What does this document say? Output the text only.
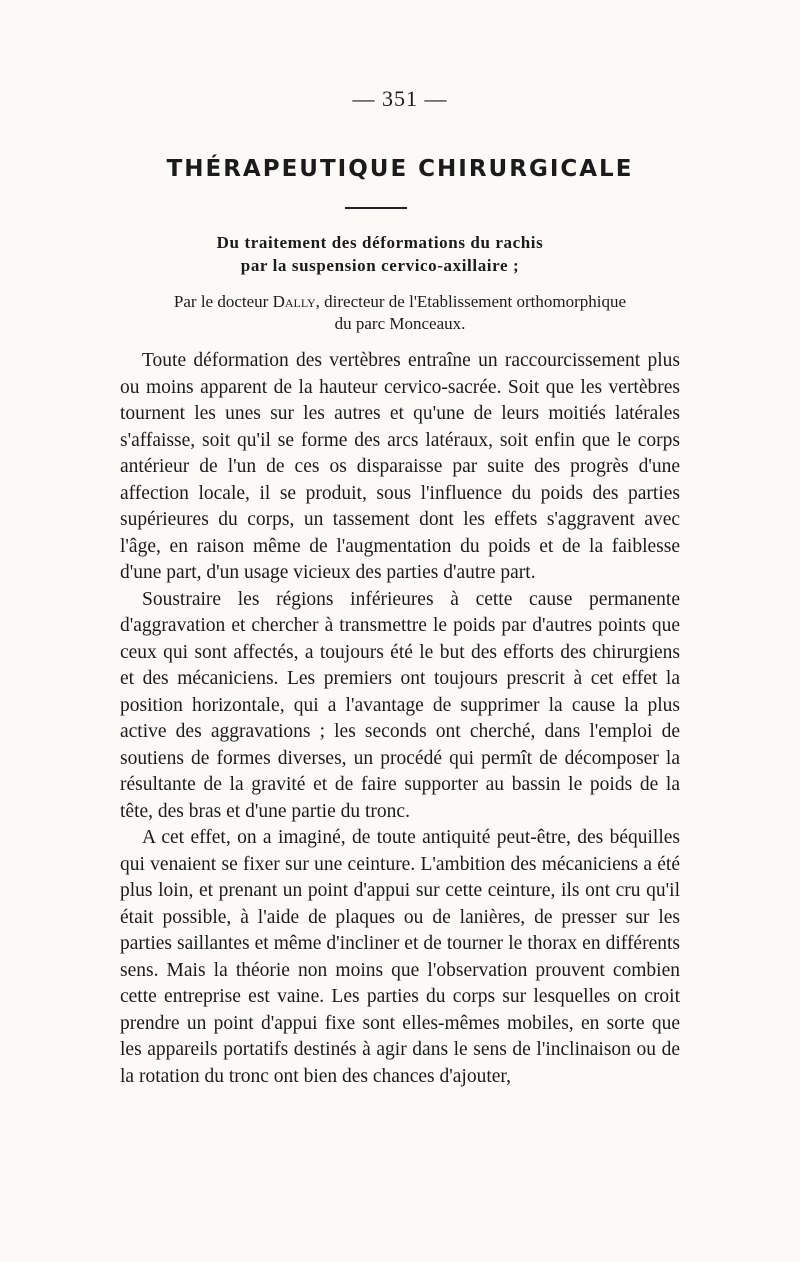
— 351 —
THÉRAPEUTIQUE CHIRURGICALE
Du traitement des déformations du rachis
par la suspension cervico-axillaire ;
Par le docteur Dally, directeur de l'Etablissement orthomorphique
du parc Monceaux.

Toute déformation des vertèbres entraîne un raccourcissement plus ou moins apparent de la hauteur cervico-sacrée. Soit que les vertèbres tournent les unes sur les autres et qu'une de leurs moitiés latérales s'affaisse, soit qu'il se forme des arcs latéraux, soit enfin que le corps antérieur de l'un de ces os disparaisse par suite des progrès d'une affection locale, il se produit, sous l'influence du poids des parties supérieures du corps, un tassement dont les effets s'aggravent avec l'âge, en raison même de l'augmentation du poids et de la faiblesse d'une part, d'un usage vicieux des parties d'autre part.

Soustraire les régions inférieures à cette cause permanente d'aggravation et chercher à transmettre le poids par d'autres points que ceux qui sont affectés, a toujours été le but des efforts des chirurgiens et des mécaniciens. Les premiers ont toujours prescrit à cet effet la position horizontale, qui a l'avantage de supprimer la cause la plus active des aggravations ; les seconds ont cherché, dans l'emploi de soutiens de formes diverses, un procédé qui permît de décomposer la résultante de la gravité et de faire supporter au bassin le poids de la tête, des bras et d'une partie du tronc.

A cet effet, on a imaginé, de toute antiquité peut-être, des béquilles qui venaient se fixer sur une ceinture. L'ambition des mécaniciens a été plus loin, et prenant un point d'appui sur cette ceinture, ils ont cru qu'il était possible, à l'aide de plaques ou de lanières, de presser sur les parties saillantes et même d'incliner et de tourner le thorax en différents sens. Mais la théorie non moins que l'observation prouvent combien cette entreprise est vaine. Les parties du corps sur lesquelles on croit prendre un point d'appui fixe sont elles-mêmes mobiles, en sorte que les appareils portatifs destinés à agir dans le sens de l'inclinaison ou de la rotation du tronc ont bien des chances d'ajouter,
